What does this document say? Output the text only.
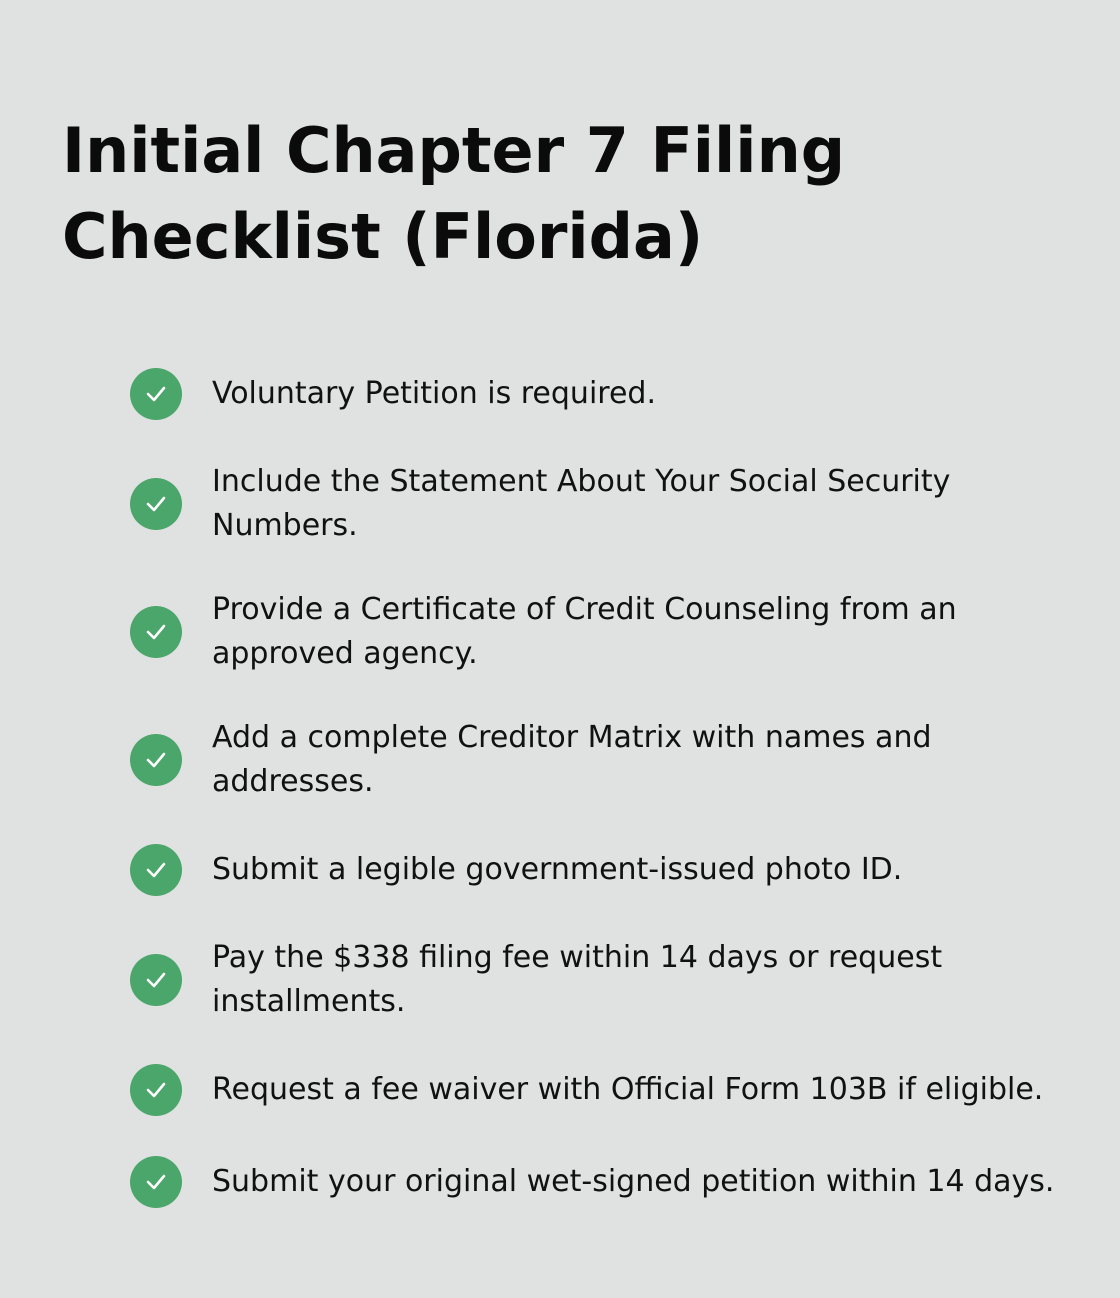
Initial Chapter 7 Filing
Checklist (Florida)
Voluntary Petition is required.
Include the Statement About Your Social Security
Numbers.
Provide a Certificate of Credit Counseling from an
approved agency.
Add a complete Creditor Matrix with names and
addresses.
Submit a legible government-issued photo ID.
Pay the $338 filing fee within 14 days or request
installments.
Request a fee waiver with Official Form 103B if eligible.
Submit your original wet-signed petition within 14 days.
